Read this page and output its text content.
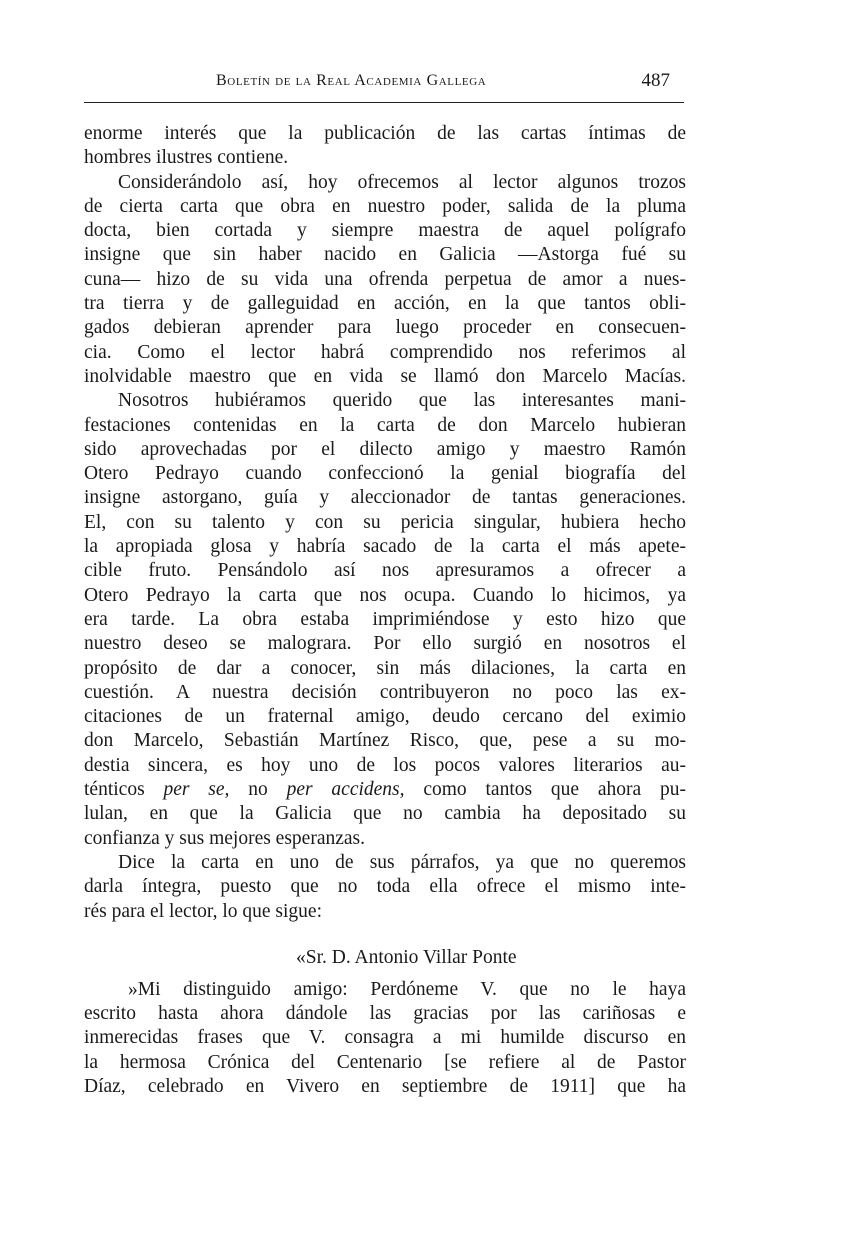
Boletín de la Real Academia Gallega	487
enorme interés que la publicación de las cartas íntimas de
hombres ilustres contiene.
Considerándolo así, hoy ofrecemos al lector algunos trozos
de cierta carta que obra en nuestro poder, salida de la pluma
docta, bien cortada y siempre maestra de aquel polígrafo
insigne que sin haber nacido en Galicia —Astorga fué su
cuna— hizo de su vida una ofrenda perpetua de amor a nues-
tra tierra y de galleguidad en acción, en la que tantos obli-
gados debieran aprender para luego proceder en consecuen-
cia. Como el lector habrá comprendido nos referimos al
inolvidable maestro que en vida se llamó don Marcelo Macías.
Nosotros hubiéramos querido que las interesantes mani-
festaciones contenidas en la carta de don Marcelo hubieran
sido aprovechadas por el dilecto amigo y maestro Ramón
Otero Pedrayo cuando confeccionó la genial biografía del
insigne astorgano, guía y aleccionador de tantas generaciones.
El, con su talento y con su pericia singular, hubiera hecho
la apropiada glosa y habría sacado de la carta el más apete-
cible fruto. Pensándolo así nos apresuramos a ofrecer a
Otero Pedrayo la carta que nos ocupa. Cuando lo hicimos, ya
era tarde. La obra estaba imprimiéndose y esto hizo que
nuestro deseo se malograra. Por ello surgió en nosotros el
propósito de dar a conocer, sin más dilaciones, la carta en
cuestión. A nuestra decisión contribuyeron no poco las ex-
citaciones de un fraternal amigo, deudo cercano del eximio
don Marcelo, Sebastián Martínez Risco, que, pese a su mo-
destia sincera, es hoy uno de los pocos valores literarios au-
ténticos per se, no per accidens, como tantos que ahora pu-
lulan, en que la Galicia que no cambia ha depositado su
confianza y sus mejores esperanzas.
Dice la carta en uno de sus párrafos, ya que no queremos
darla íntegra, puesto que no toda ella ofrece el mismo inte-
rés para el lector, lo que sigue:
«Sr. D. Antonio Villar Ponte
»Mi distinguido amigo: Perdóneme V. que no le haya
escrito hasta ahora dándole las gracias por las cariñosas e
inmerecidas frases que V. consagra a mi humilde discurso en
la hermosa Crónica del Centenario [se refiere al de Pastor
Díaz, celebrado en Vivero en septiembre de 1911] que ha
